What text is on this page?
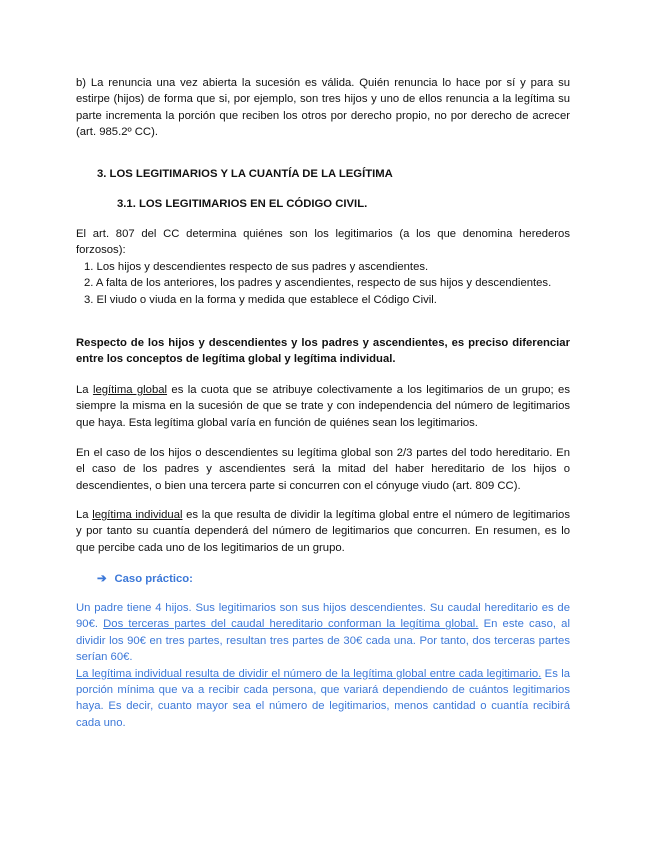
b) La renuncia una vez abierta la sucesión es válida. Quién renuncia lo hace por sí y para su estirpe (hijos) de forma que si, por ejemplo, son tres hijos y uno de ellos renuncia a la legítima su parte incrementa la porción que reciben los otros por derecho propio, no por derecho de acrecer (art. 985.2º CC).

3. LOS LEGITIMARIOS Y LA CUANTÍA DE LA LEGÍTIMA

3.1. LOS LEGITIMARIOS EN EL CÓDIGO CIVIL.

El art. 807 del CC determina quiénes son los legitimarios (a los que denomina herederos forzosos):
1. Los hijos y descendientes respecto de sus padres y ascendientes.
2. A falta de los anteriores, los padres y ascendientes, respecto de sus hijos y descendientes.
3. El viudo o viuda en la forma y medida que establece el Código Civil.

Respecto de los hijos y descendientes y los padres y ascendientes, es preciso diferenciar entre los conceptos de legítima global y legítima individual.

La legítima global es la cuota que se atribuye colectivamente a los legitimarios de un grupo; es siempre la misma en la sucesión de que se trate y con independencia del número de legitimarios que haya. Esta legítima global varía en función de quiénes sean los legitimarios.

En el caso de los hijos o descendientes su legítima global son 2/3 partes del todo hereditario. En el caso de los padres y ascendientes será la mitad del haber hereditario de los hijos o descendientes, o bien una tercera parte si concurren con el cónyuge viudo (art. 809 CC).

La legítima individual es la que resulta de dividir la legítima global entre el número de legitimarios y por tanto su cuantía dependerá del número de legitimarios que concurren. En resumen, es lo que percibe cada uno de los legitimarios de un grupo.

➔ Caso práctico:

Un padre tiene 4 hijos. Sus legitimarios son sus hijos descendientes. Su caudal hereditario es de 90€. Dos terceras partes del caudal hereditario conforman la legítima global. En este caso, al dividir los 90€ en tres partes, resultan tres partes de 30€ cada una. Por tanto, dos terceras partes serían 60€.
La legítima individual resulta de dividir el número de la legítima global entre cada legitimario. Es la porción mínima que va a recibir cada persona, que variará dependiendo de cuántos legitimarios haya. Es decir, cuanto mayor sea el número de legitimarios, menos cantidad o cuantía recibirá cada uno.
